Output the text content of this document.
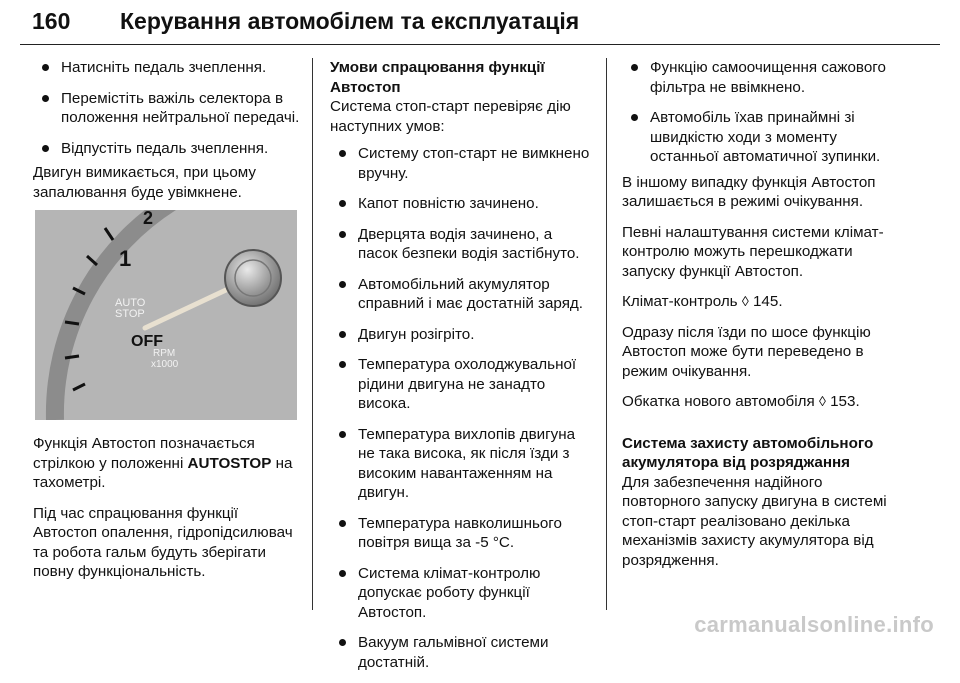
160 Керування автомобілем та експлуатація
Натисніть педаль зчеплення.
Перемістіть важіль селектора в положення нейтральної передачі.
Відпустіть педаль зчеплення.

Двигун вимикається, при цьому запалювання буде увімкнене.

2
1
AUTO
STOP
OFF
RPM
x1000

Функція Автостоп позначається стрілкою у положенні AUTOSTOP на тахометрі.

Під час спрацювання функції Автостоп опалення, гідропідсилювач та робота гальм будуть зберігати повну функціональність.

Умови спрацювання функції Автостоп

Система стоп-старт перевіряє дію наступних умов:

Систему стоп-старт не вимкнено вручну.
Капот повністю зачинено.
Дверцята водія зачинено, а пасок безпеки водія застібнуто.
Автомобільний акумулятор справний і має достатній заряд.
Двигун розігріто.
Температура охолоджувальної рідини двигуна не занадто висока.
Температура вихлопів двигуна не така висока, як після їзди з високим навантаженням на двигун.
Температура навколишнього повітря вища за -5 °C.
Система клімат-контролю допускає роботу функції Автостоп.
Вакуум гальмівної системи достатній.
Функцію самоочищення сажового фільтра не ввімкнено.
Автомобіль їхав принаймні зі швидкістю ходи з моменту останньої автоматичної зупинки.

В іншому випадку функція Автостоп залишається в режимі очікування.

Певні налаштування системи клімат-контролю можуть перешкоджати запуску функції Автостоп.

Клімат-контроль ◊ 145.

Одразу після їзди по шосе функцію Автостоп може бути переведено в режим очікування.

Обкатка нового автомобіля ◊ 153.

Система захисту автомобільного акумулятора від розряджання

Для забезпечення надійного повторного запуску двигуна в системі стоп-старт реалізовано декілька механізмів захисту акумулятора від розрядження.

carmanualsonline.info
